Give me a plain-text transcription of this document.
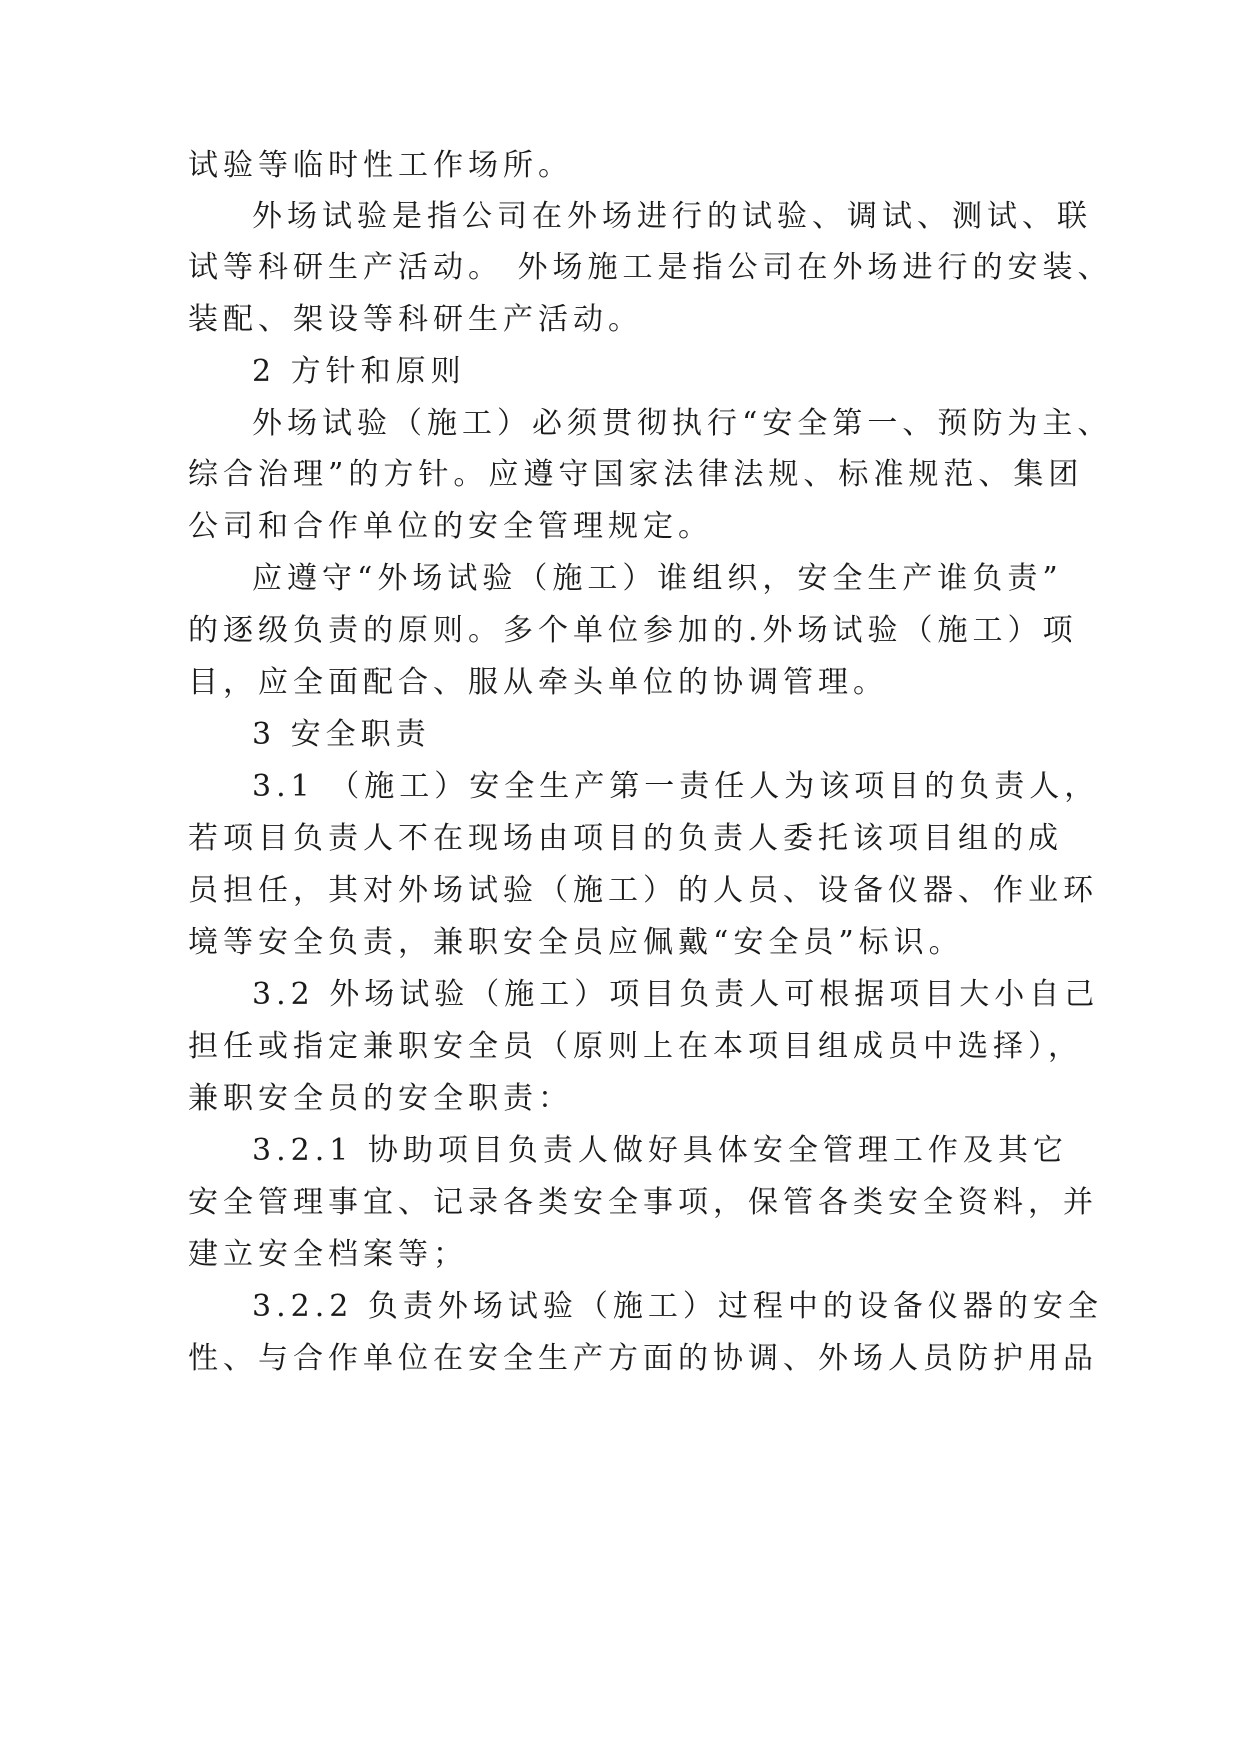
试验等临时性工作场所。
外场试验是指公司在外场进行的试验、调试、测试、联
试等科研生产活动。 外场施工是指公司在外场进行的安装、
装配、架设等科研生产活动。
2 方针和原则
外场试验（施工）必须贯彻执行“安全第一、预防为主、
综合治理”的方针。应遵守国家法律法规、标准规范、集团
公司和合作单位的安全管理规定。
应遵守“外场试验（施工）谁组织，安全生产谁负责”
的逐级负责的原则。多个单位参加的.外场试验（施工）项
目，应全面配合、服从牵头单位的协调管理。
3 安全职责
3.1 （施工）安全生产第一责任人为该项目的负责人，
若项目负责人不在现场由项目的负责人委托该项目组的成
员担任，其对外场试验（施工）的人员、设备仪器、作业环
境等安全负责，兼职安全员应佩戴“安全员”标识。
3.2 外场试验（施工）项目负责人可根据项目大小自己
担任或指定兼职安全员（原则上在本项目组成员中选择），
兼职安全员的安全职责：
3.2.1 协助项目负责人做好具体安全管理工作及其它
安全管理事宜、记录各类安全事项，保管各类安全资料，并
建立安全档案等；
3.2.2 负责外场试验（施工）过程中的设备仪器的安全
性、与合作单位在安全生产方面的协调、外场人员防护用品
